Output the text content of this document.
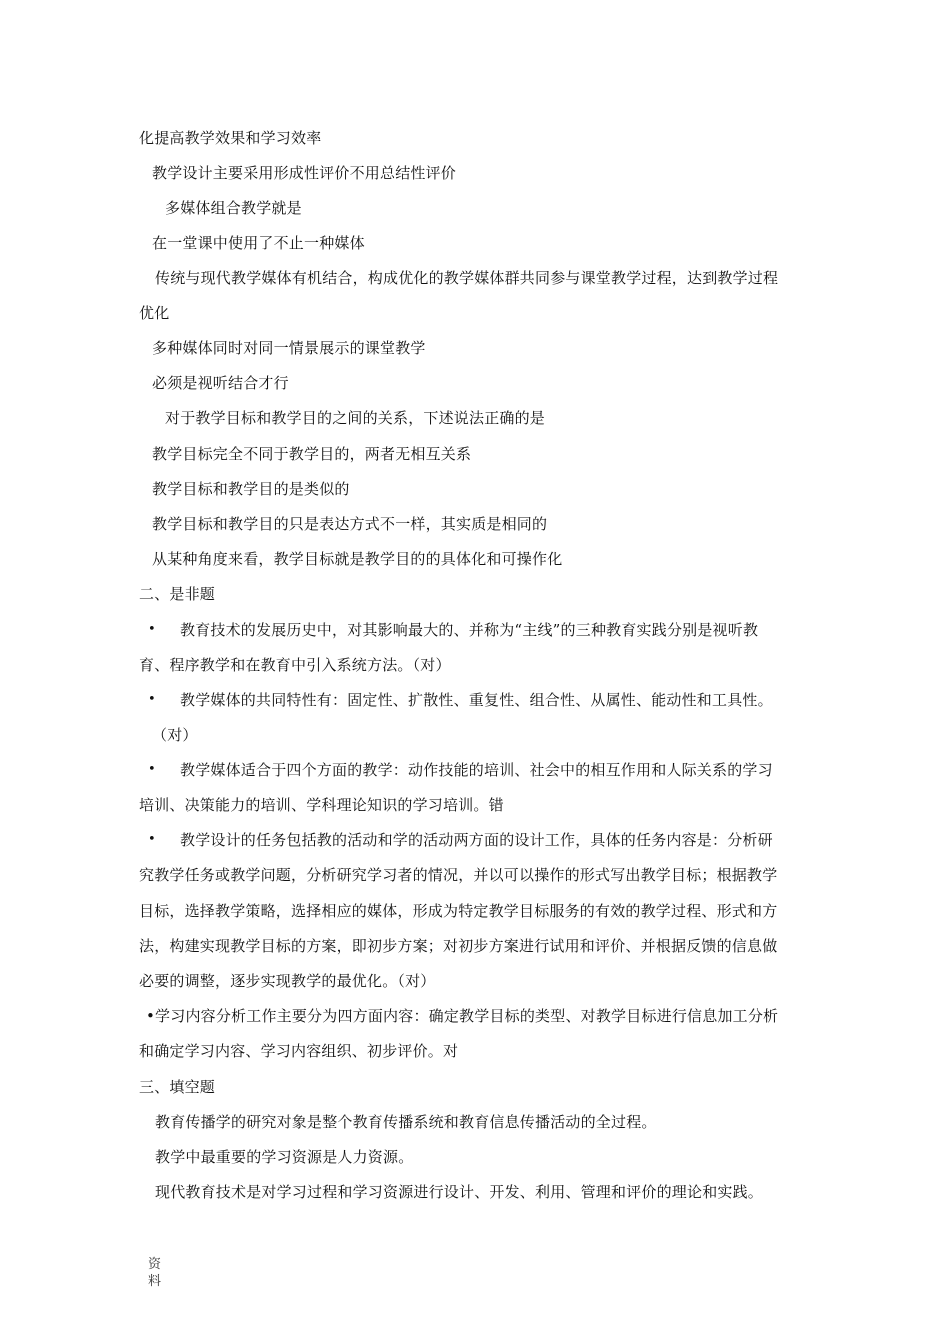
化提高教学效果和学习效率
教学设计主要采用形成性评价不用总结性评价
多媒体组合教学就是
在一堂课中使用了不止一种媒体
传统与现代教学媒体有机结合，构成优化的教学媒体群共同参与课堂教学过程，达到教学过程
优化
多种媒体同时对同一情景展示的课堂教学
必须是视听结合才行
对于教学目标和教学目的之间的关系，下述说法正确的是
教学目标完全不同于教学目的，两者无相互关系
教学目标和教学目的是类似的
教学目标和教学目的只是表达方式不一样，其实质是相同的
从某种角度来看，教学目标就是教学目的的具体化和可操作化
二、是非题
• 教育技术的发展历史中，对其影响最大的、并称为“主线”的三种教育实践分别是视听教
育、程序教学和在教育中引入系统方法。（对）
• 教学媒体的共同特性有：固定性、扩散性、重复性、组合性、从属性、能动性和工具性。
（对）
• 教学媒体适合于四个方面的教学：动作技能的培训、社会中的相互作用和人际关系的学习
培训、决策能力的培训、学科理论知识的学习培训。错
• 教学设计的任务包括教的活动和学的活动两方面的设计工作，具体的任务内容是：分析研
究教学任务或教学问题，分析研究学习者的情况，并以可以操作的形式写出教学目标；根据教学
目标，选择教学策略，选择相应的媒体，形成为特定教学目标服务的有效的教学过程、形式和方
法，构建实现教学目标的方案，即初步方案；对初步方案进行试用和评价、并根据反馈的信息做
必要的调整，逐步实现教学的最优化。（对）
•学习内容分析工作主要分为四方面内容：确定教学目标的类型、对教学目标进行信息加工分析
和确定学习内容、学习内容组织、初步评价。对
三、填空题
教育传播学的研究对象是整个教育传播系统和教育信息传播活动的全过程。
教学中最重要的学习资源是人力资源。
现代教育技术是对学习过程和学习资源进行设计、开发、利用、管理和评价的理论和实践。
资
料
